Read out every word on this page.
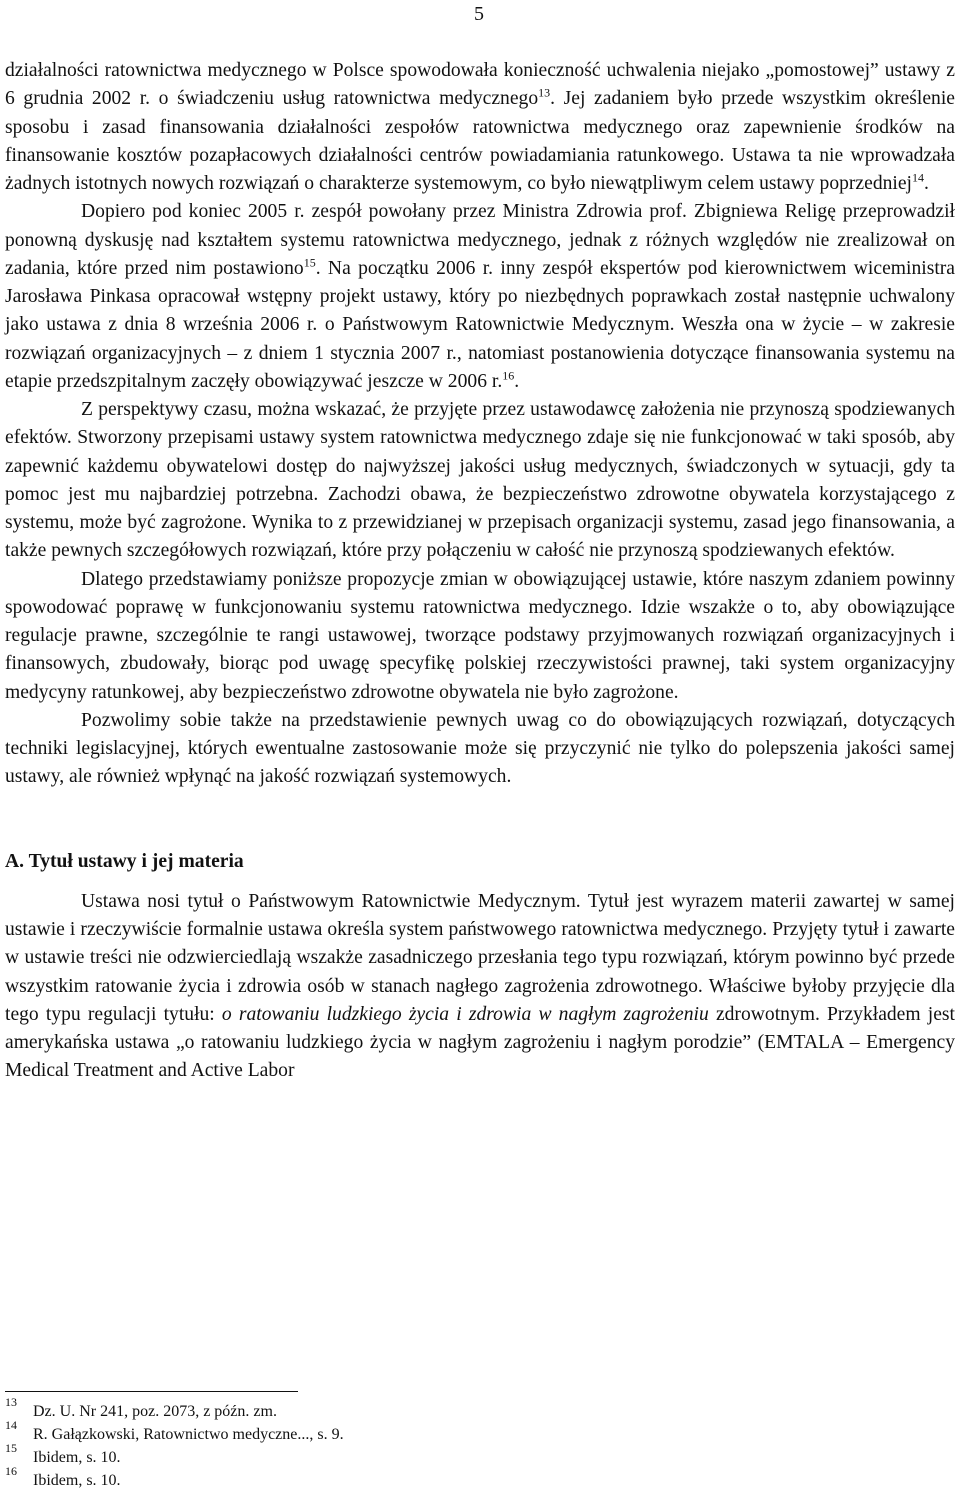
5

działalności ratownictwa medycznego w Polsce spowodowała konieczność uchwalenia niejako „pomostowej” ustawy z 6 grudnia 2002 r. o świadczeniu usług ratownictwa medycznego$^{13}$. Jej zadaniem było przede wszystkim określenie sposobu i zasad finansowania działalności zespołów ratownictwa medycznego oraz zapewnienie środków na finansowanie kosztów pozapłacowych działalności centrów powiadamiania ratunkowego. Ustawa ta nie wprowadzała żadnych istotnych nowych rozwiązań o charakterze systemowym, co było niewątpliwym celem ustawy poprzedniej$^{14}$.

Dopiero pod koniec 2005 r. zespół powołany przez Ministra Zdrowia prof. Zbigniewa Religę przeprowadził ponowną dyskusję nad kształtem systemu ratownictwa medycznego, jednak z różnych względów nie zrealizował on zadania, które przed nim postawiono$^{15}$. Na początku 2006 r. inny zespół ekspertów pod kierownictwem wiceministra Jarosława Pinkasa opracował wstępny projekt ustawy, który po niezbędnych poprawkach został następnie uchwalony jako ustawa z dnia 8 września 2006 r. o Państwowym Ratownictwie Medycznym. Weszła ona w życie – w zakresie rozwiązań organizacyjnych – z dniem 1 stycznia 2007 r., natomiast postanowienia dotyczące finansowania systemu na etapie przedszpitalnym zaczęły obowiązywać jeszcze w 2006 r.$^{16}$.

Z perspektywy czasu, można wskazać, że przyjęte przez ustawodawcę założenia nie przynoszą spodziewanych efektów. Stworzony przepisami ustawy system ratownictwa medycznego zdaje się nie funkcjonować w taki sposób, aby zapewnić każdemu obywatelowi dostęp do najwyższej jakości usług medycznych, świadczonych w sytuacji, gdy ta pomoc jest mu najbardziej potrzebna. Zachodzi obawa, że bezpieczeństwo zdrowotne obywatela korzystającego z systemu, może być zagrożone. Wynika to z przewidzianej w przepisach organizacji systemu, zasad jego finansowania, a także pewnych szczegółowych rozwiązań, które przy połączeniu w całość nie przynoszą spodziewanych efektów.

Dlatego przedstawiamy poniższe propozycje zmian w obowiązującej ustawie, które naszym zdaniem powinny spowodować poprawę w funkcjonowaniu systemu ratownictwa medycznego. Idzie wszakże o to, aby obowiązujące regulacje prawne, szczególnie te rangi ustawowej, tworzące podstawy przyjmowanych rozwiązań organizacyjnych i finansowych, zbudowały, biorąc pod uwagę specyfikę polskiej rzeczywistości prawnej, taki system organizacyjny medycyny ratunkowej, aby bezpieczeństwo zdrowotne obywatela nie było zagrożone.

Pozwolimy sobie także na przedstawienie pewnych uwag co do obowiązujących rozwiązań, dotyczących techniki legislacyjnej, których ewentualne zastosowanie może się przyczynić nie tylko do polepszenia jakości samej ustawy, ale również wpłynąć na jakość rozwiązań systemowych.

A. Tytuł ustawy i jej materia

Ustawa nosi tytuł o Państwowym Ratownictwie Medycznym. Tytuł jest wyrazem materii zawartej w samej ustawie i rzeczywiście formalnie ustawa określa system państwowego ratownictwa medycznego. Przyjęty tytuł i zawarte w ustawie treści nie odzwierciedlają wszakże zasadniczego przesłania tego typu rozwiązań, którym powinno być przede wszystkim ratowanie życia i zdrowia osób w stanach nagłego zagrożenia zdrowotnego. Właściwe byłoby przyjęcie dla tego typu regulacji tytułu: o ratowaniu ludzkiego życia i zdrowia w nagłym zagrożeniu zdrowotnym. Przykładem jest amerykańska ustawa „o ratowaniu ludzkiego życia w nagłym zagrożeniu i nagłym porodzie” (EMTALA – Emergency Medical Treatment and Active Labor

13
Dz. U. Nr 241, poz. 2073, z późn. zm.
14
R. Gałązkowski, Ratownictwo medyczne..., s. 9.
15
Ibidem, s. 10.
16
Ibidem, s. 10.
